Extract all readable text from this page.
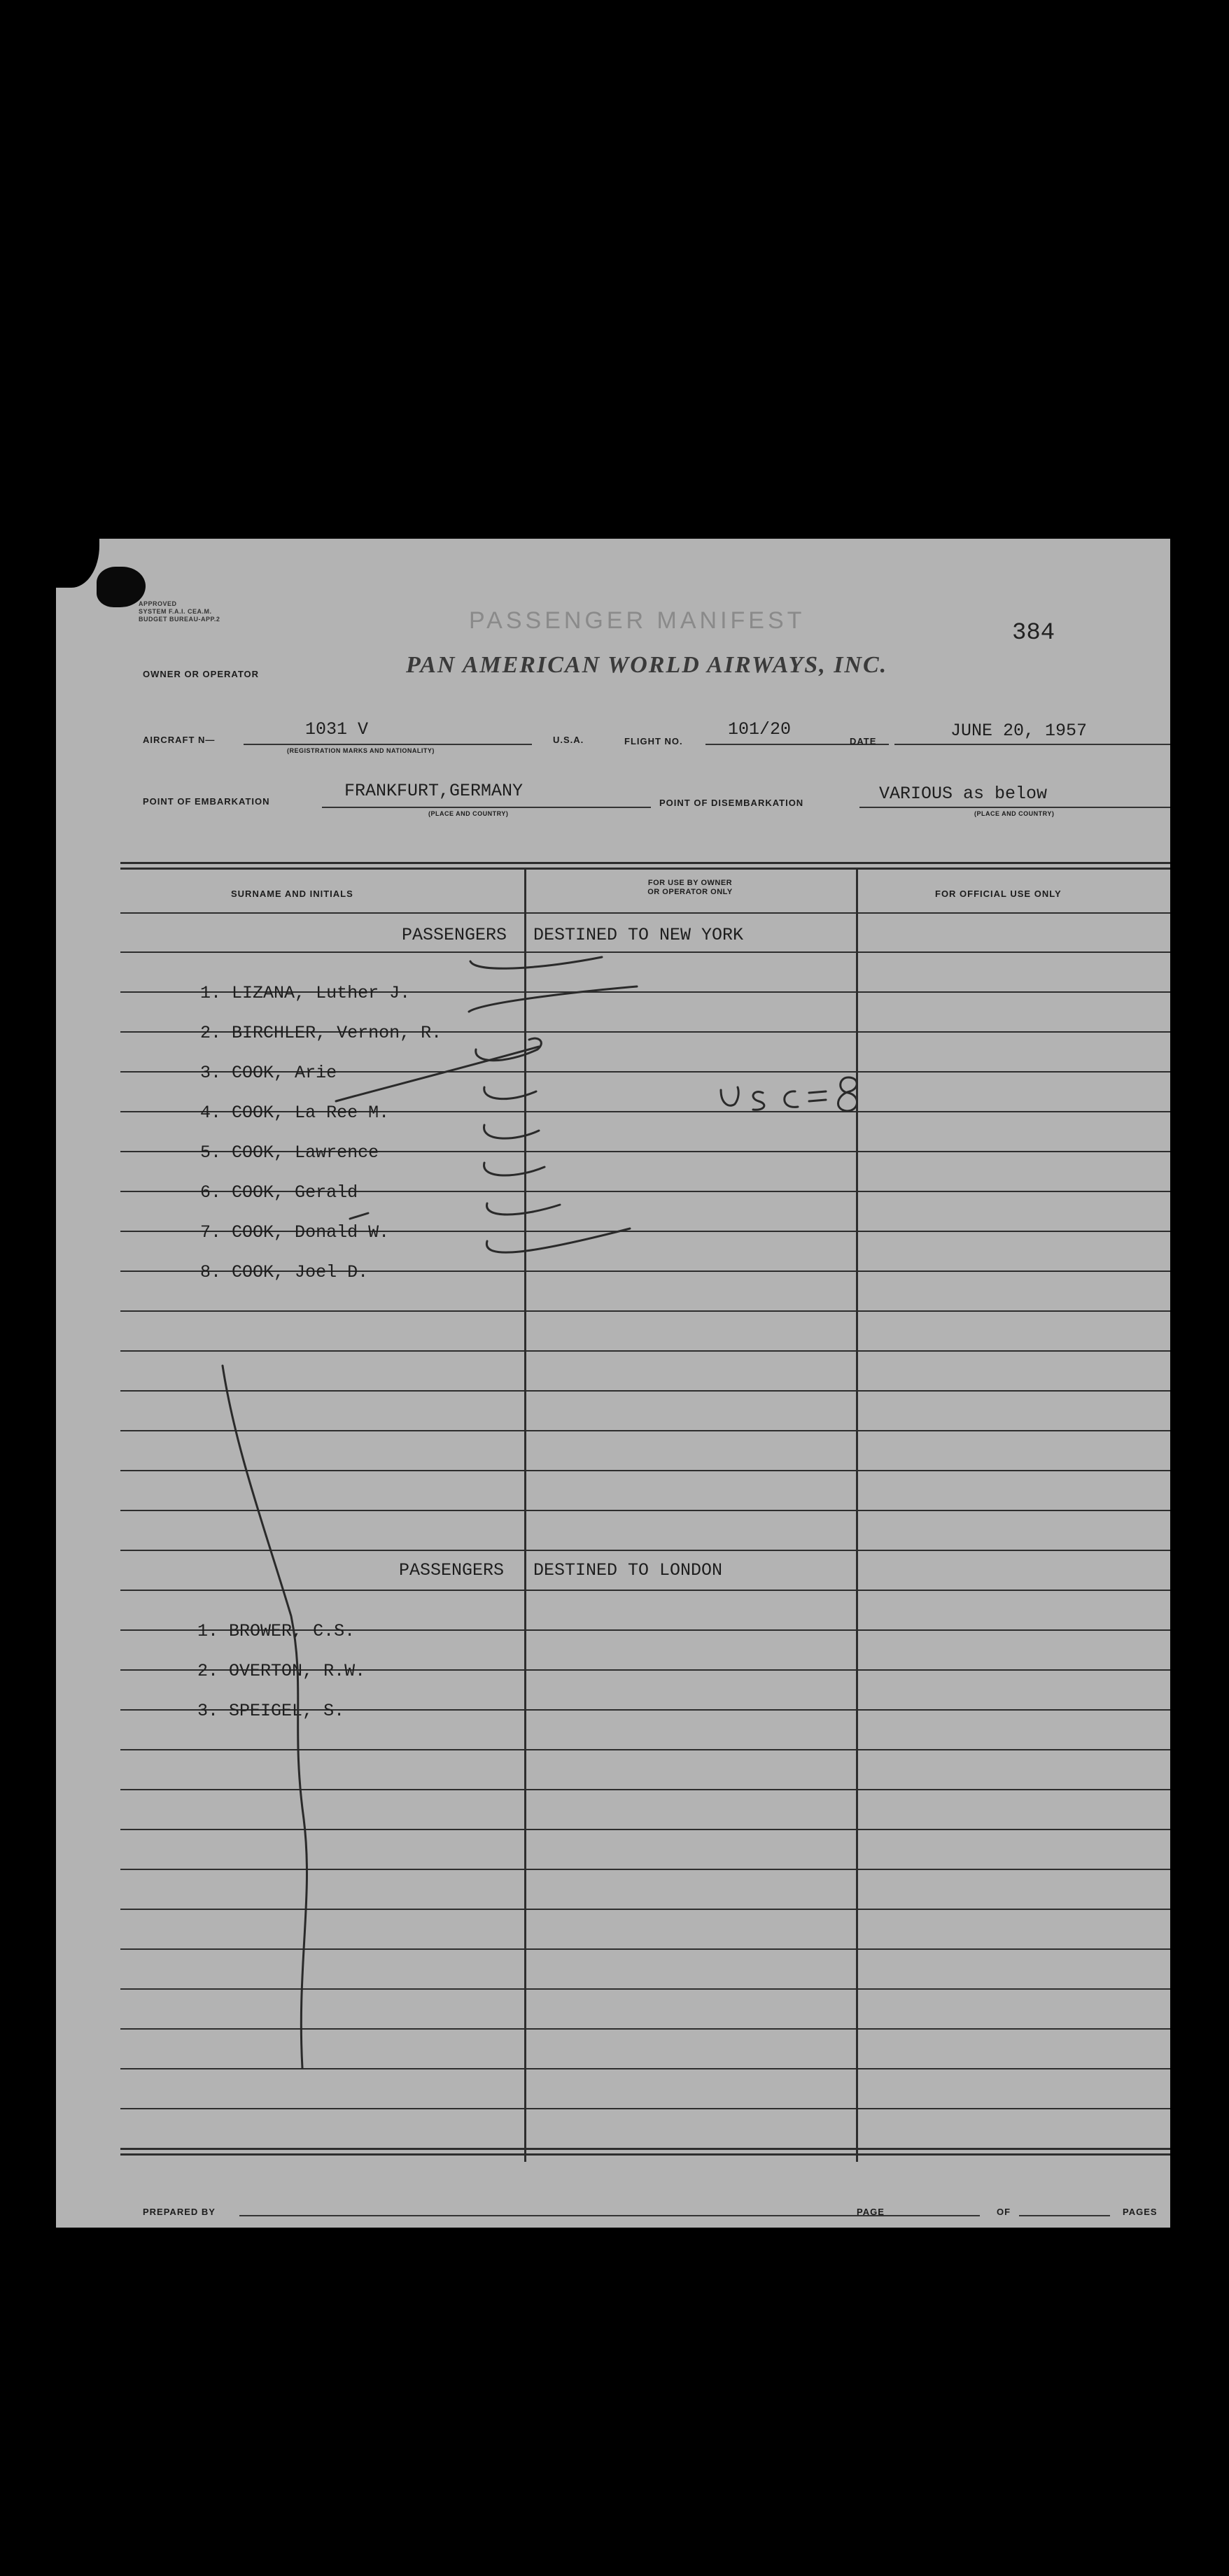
APPROVED
SYSTEM F.A.I. CEA.M.
BUDGET BUREAU-APP.2	PASSENGER MANIFEST	384
OWNER OR OPERATOR	PAN AMERICAN WORLD AIRWAYS, INC.
AIRCRAFT N—
1031 V
(REGISTRATION MARKS AND NATIONALITY)
U.S.A.	FLIGHT NO.
101/20
DATE
JUNE 20, 1957
POINT OF EMBARKATION
FRANKFURT,GERMANY
(PLACE AND COUNTRY)
POINT OF DISEMBARKATION	VARIOUS as below
(PLACE AND COUNTRY)
SURNAME AND INITIALS
FOR USE BY OWNER
OR OPERATOR ONLY	FOR OFFICIAL USE ONLY
PASSENGERS DESTINED TO NEW YORK

1. LIZANA, Luther J.

2. BIRCHLER, Vernon, R.

3. COOK, Arie

4. COOK, La Ree M.

5. COOK, Lawrence

6. COOK, Gerald

7. COOK, Donald W.

8. COOK, Joel D.

PASSENGERS DESTINED TO LONDON

1. BROWER, C.S.

2. OVERTON, R.W.

3. SPEIGEL, S.

PREPARED BY	PAGE	OF	PAGES
